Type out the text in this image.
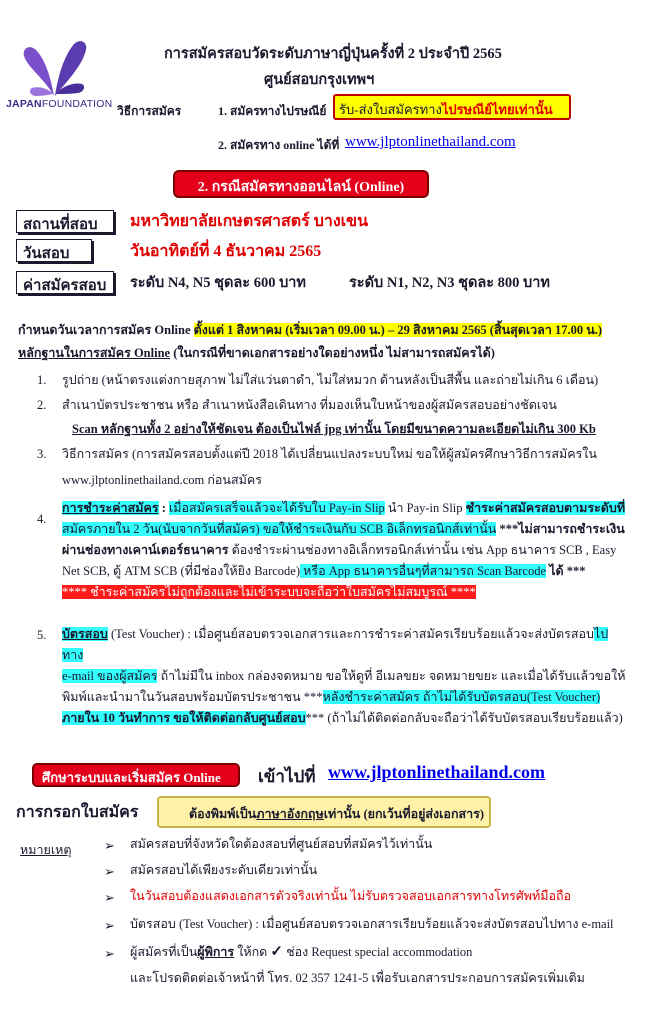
JAPANFOUNDATION
การสมัครสอบวัดระดับภาษาญี่ปุ่นครั้งที่ 2 ประจำปี 2565
ศูนย์สอบกรุงเทพฯ
วิธีการสมัคร	1. สมัครทางไปรษณีย์ รับ-ส่งใบสมัครทางไปรษณีย์ไทยเท่านั้น
2. สมัครทาง online ได้ที่ www.jlptonlinethailand.com
2. กรณีสมัครทางออนไลน์ (Online)
สถานที่สอบ	มหาวิทยาลัยเกษตรศาสตร์ บางเขน
วันสอบ	วันอาทิตย์ที่ 4 ธันวาคม 2565
ค่าสมัครสอบ	ระดับ N4, N5 ชุดละ 600 บาท	ระดับ N1, N2, N3 ชุดละ 800 บาท
กำหนดวันเวลาการสมัคร Online ตั้งแต่ 1 สิงหาคม (เริ่มเวลา 09.00 น.) – 29 สิงหาคม 2565 (สิ้นสุดเวลา 17.00 น.)
หลักฐานในการสมัคร Online (ในกรณีที่ขาดเอกสารอย่างใดอย่างหนึ่ง ไม่สามารถสมัครได้)
1. รูปถ่าย (หน้าตรงแต่งกายสุภาพ ไม่ใส่แว่นตาดำ, ไม่ใส่หมวก ด้านหลังเป็นสีพื้น และถ่ายไม่เกิน 6 เดือน)
2. สำเนาบัตรประชาชน หรือ สำเนาหนังสือเดินทาง ที่มองเห็นใบหน้าของผู้สมัครสอบอย่างชัดเจน
Scan หลักฐานทั้ง 2 อย่างให้ชัดเจน ต้องเป็นไฟล์ jpg เท่านั้น โดยมีขนาดความละเอียดไม่เกิน 300 Kb
3. วิธีการสมัคร (การสมัครสอบตั้งแต่ปี 2018 ได้เปลี่ยนแปลงระบบใหม่ ขอให้ผู้สมัครศึกษาวิธีการสมัครใน
www.jlptonlinethailand.com ก่อนสมัคร
4.
การชำระค่าสมัคร : เมื่อสมัครเสร็จแล้วจะได้รับใบ Pay-in Slip นำ Pay-in Slip ชำระค่าสมัครสอบตามระดับที่
สมัครภายใน 2 วัน(นับจากวันที่สมัคร) ขอให้ชำระเงินกับ SCB อิเล็กทรอนิกส์เท่านั้น ***ไม่สามารถชำระเงิน
ผ่านช่องทางเคาน์เตอร์ธนาคาร ต้องชำระผ่านช่องทางอิเล็กทรอนิกส์เท่านั้น เช่น App ธนาคาร SCB , Easy
Net SCB, ตู้ ATM SCB (ที่มีช่องให้ยิง Barcode) หรือ App ธนาคารอื่นๆที่สามารถ Scan Barcode ได้ ***
**** ชำระค่าสมัครไม่ถูกต้องและไม่เข้าระบบจะถือว่าใบสมัครไม่สมบูรณ์ ****
5. บัตรสอบ (Test Voucher) : เมื่อศูนย์สอบตรวจเอกสารและการชำระค่าสมัครเรียบร้อยแล้วจะส่งบัตรสอบไปทาง
e-mail ของผู้สมัคร ถ้าไม่มีใน inbox กล่องจดหมาย ขอให้ดูที่ อีเมลขยะ จดหมายขยะ และเมื่อได้รับแล้วขอให้
พิมพ์และนำมาในวันสอบพร้อมบัตรประชาชน ***หลังชำระค่าสมัคร ถ้าไม่ได้รับบัตรสอบ(Test Voucher)
ภายใน 10 วันทำการ ขอให้ติดต่อกลับศูนย์สอบ*** (ถ้าไม่ได้ติดต่อกลับจะถือว่าได้รับบัตรสอบเรียบร้อยแล้ว)
ศึกษาระบบและเริ่มสมัคร Online	เข้าไปที่ www.jlptonlinethailand.com
การกรอกใบสมัคร	ต้องพิมพ์เป็นภาษาอังกฤษเท่านั้น (ยกเว้นที่อยู่ส่งเอกสาร)
หมายเหตุ	➢ สมัครสอบที่จังหวัดใดต้องสอบที่ศูนย์สอบที่สมัครไว้เท่านั้น
➢ สมัครสอบได้เพียงระดับเดียวเท่านั้น
➢ ในวันสอบต้องแสดงเอกสารตัวจริงเท่านั้น ไม่รับตรวจสอบเอกสารทางโทรศัพท์มือถือ
➢ บัตรสอบ (Test Voucher) : เมื่อศูนย์สอบตรวจเอกสารเรียบร้อยแล้วจะส่งบัตรสอบไปทาง e-mail
➢ ผู้สมัครที่เป็นผู้พิการ ให้กด ✓ ช่อง Request special accommodation
และโปรดติดต่อเจ้าหน้าที่ โทร. 02 357 1241-5 เพื่อรับเอกสารประกอบการสมัครเพิ่มเติม
